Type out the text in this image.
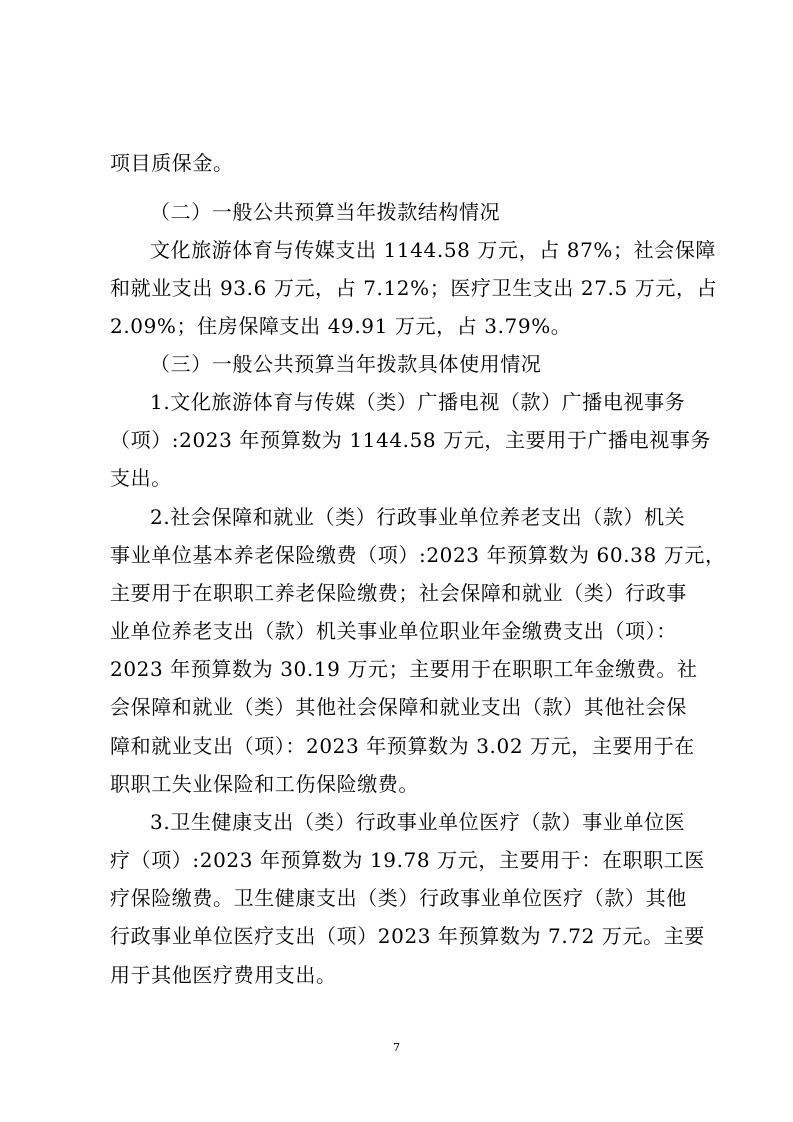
项目质保金。
（二）一般公共预算当年拨款结构情况
文化旅游体育与传媒支出 1144.58 万元，占 87%；社会保障
和就业支出 93.6 万元，占 7.12%；医疗卫生支出 27.5 万元，占
2.09%；住房保障支出 49.91 万元，占 3.79%。
（三）一般公共预算当年拨款具体使用情况
1.文化旅游体育与传媒（类）广播电视（款）广播电视事务
（项）:2023 年预算数为 1144.58 万元，主要用于广播电视事务
支出。
2.社会保障和就业（类）行政事业单位养老支出（款）机关
事业单位基本养老保险缴费（项）:2023 年预算数为 60.38 万元，
主要用于在职职工养老保险缴费；社会保障和就业（类）行政事
业单位养老支出（款）机关事业单位职业年金缴费支出（项）：
2023 年预算数为 30.19 万元；主要用于在职职工年金缴费。社
会保障和就业（类）其他社会保障和就业支出（款）其他社会保
障和就业支出（项）：2023 年预算数为 3.02 万元，主要用于在
职职工失业保险和工伤保险缴费。
3.卫生健康支出（类）行政事业单位医疗（款）事业单位医
疗（项）:2023 年预算数为 19.78 万元，主要用于：在职职工医
疗保险缴费。卫生健康支出（类）行政事业单位医疗（款）其他
行政事业单位医疗支出（项）2023 年预算数为 7.72 万元。主要
用于其他医疗费用支出。
7
